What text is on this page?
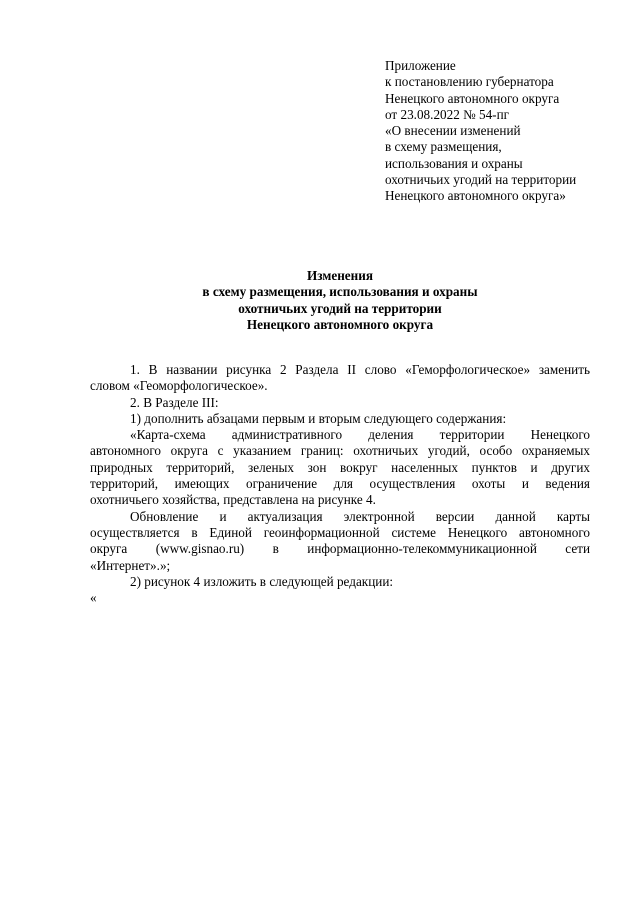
Приложение
к постановлению губернатора
Ненецкого автономного округа
от 23.08.2022 № 54-пг
«О внесении изменений
в схему размещения,
использования и охраны
охотничьих угодий на территории
Ненецкого автономного округа»
Изменения
в схему размещения, использования и охраны
охотничьих угодий на территории
Ненецкого автономного округа
1. В названии рисунка 2 Раздела II слово «Геморфологическое» заменить
словом «Геоморфологическое».
2. В Разделе III:
1) дополнить абзацами первым и вторым следующего содержания:
«Карта-схема административного деления территории Ненецкого
автономного округа с указанием границ: охотничьих угодий, особо охраняемых
природных территорий, зеленых зон вокруг населенных пунктов и других
территорий, имеющих ограничение для осуществления охоты и ведения
охотничьего хозяйства, представлена на рисунке 4.
Обновление и актуализация электронной версии данной карты
осуществляется в Единой геоинформационной системе Ненецкого автономного
округа (www.gisnao.ru) в информационно-телекоммуникационной сети
«Интернет».»;
2) рисунок 4 изложить в следующей редакции:
«
